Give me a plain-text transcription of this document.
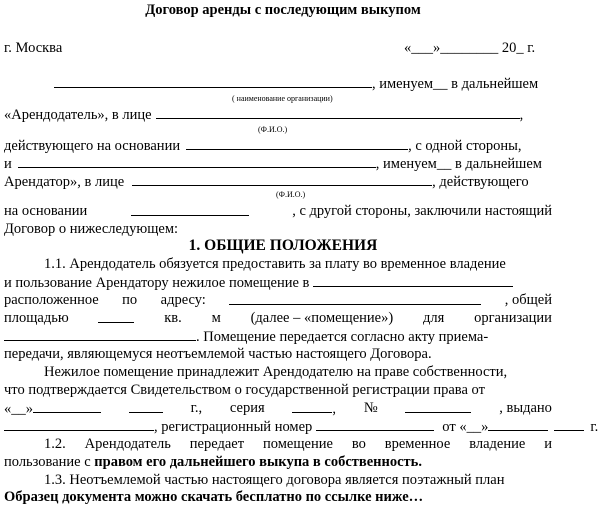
Договор аренды с последующим выкупом
г. Москва	«___»________ 20_ г.
, именуем__ в дальнейшем
( наименование организации)
«Арендодатель», в лице	,
(Ф.И.О.)
действующего на основании	, с одной стороны,
и	, именуем__ в дальнейшем
Арендатор», в лице	, действующего
(Ф.И.О.)
на основании	, с другой стороны, заключили настоящий
Договор о нижеследующем:
1. ОБЩИЕ ПОЛОЖЕНИЯ
1.1. Арендодатель обязуется предоставить за плату во временное владение
и пользование Арендатору нежилое помещение в
расположенное по адресу:	, общей
площадью	кв. м (далее – «помещение») для организации
. Помещение передается согласно акту приема-
передачи, являющемуся неотъемлемой частью настоящего Договора.
Нежилое помещение принадлежит Арендодателю на праве собственности,
что подтверждается Свидетельством о государственной регистрации права от
«__»	г., серия	, №	, выдано
, регистрационный номер	от «__»	г.
1.2. Арендодатель передает помещение во временное владение и
пользование с правом его дальнейшего выкупа в собственность.
1.3. Неотъемлемой частью настоящего договора является поэтажный план
Образец документа можно скачать бесплатно по ссылке ниже…
